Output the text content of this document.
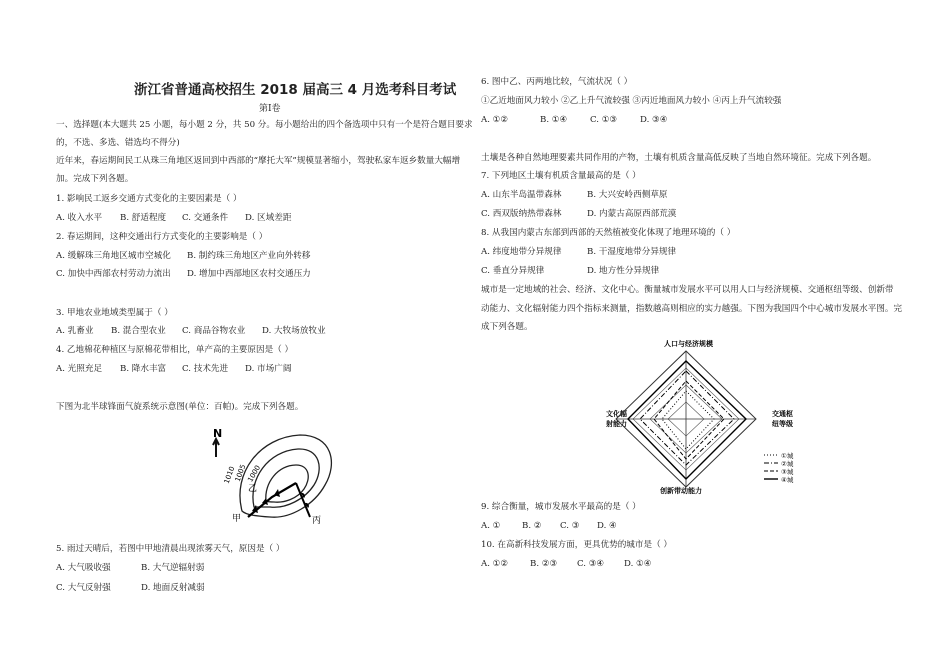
浙江省普通高校招生 2018 届高三 4 月选考科目考试
第Ⅰ卷
一、选择题(本大题共 25 小题，每小题 2 分，共 50 分。每小题给出的四个备选项中只有一个是符合题目要求
的，不选、多选、错选均不得分)
近年来，春运期间民工从珠三角地区返回到中西部的“摩托大军”规模显著缩小，驾驶私家车返乡数量大幅增
加。完成下列各题。
1. 影响民工返乡交通方式变化的主要因素是（ ）
A. 收入水平 B. 舒适程度 C. 交通条件 D. 区域差距
2. 春运期间，这种交通出行方式变化的主要影响是（ ）
A. 缓解珠三角地区城市空城化 B. 制约珠三角地区产业向外转移
C. 加快中西部农村劳动力流出 D. 增加中西部地区农村交通压力
3. 甲地农业地域类型属于（ ）
A. 乳畜业 B. 混合型农业 C. 商品谷物农业 D. 大牧场放牧业
4. 乙地棉花种植区与原棉花带相比，单产高的主要原因是（ ）
A. 光照充足 B. 降水丰富 C. 技术先进 D. 市场广阔
下图为北半球锋面气旋系统示意图(单位：百帕)。完成下列各题。
N
1010
1005
1000
甲
乙
丙
5. 雨过天晴后，若图中甲地清晨出现浓雾天气，原因是（ ）
A. 大气吸收强	B. 大气逆辐射弱
C. 大气反射强	D. 地面反射减弱
6. 图中乙、丙两地比较，气流状况（ ）
①乙近地面风力较小 ②乙上升气流较强 ③丙近地面风力较小 ④丙上升气流较强
A. ①②	B. ①④	C. ①③	D. ③④
土壤是各种自然地理要素共同作用的产物，土壤有机质含量高低反映了当地自然环境征。完成下列各题。
7. 下列地区土壤有机质含量最高的是（ ）
A. 山东半岛温带森林	B. 大兴安岭西侧草原
C. 西双版纳热带森林	D. 内蒙古高原西部荒漠
8. 从我国内蒙古东部到西部的天然植被变化体现了地理环境的（ ）
A. 纬度地带分异规律	B. 干湿度地带分异规律
C. 垂直分异规律	D. 地方性分异规律
城市是一定地域的社会、经济、文化中心。衡量城市发展水平可以用人口与经济规模、交通枢纽等级、创新带
动能力、文化辐射能力四个指标来测量，指数越高则相应的实力越强。下图为我国四个中心城市发展水平图。完
成下列各题。
人口与经济规模
交通枢
纽等级
文化辐
射能力
创新带动能力
①城
②城
③城
④城
9. 综合衡量，城市发展水平最高的是（ ）
A. ①	B. ② C. ③ D. ④
10. 在高新科技发展方面，更具优势的城市是（ ）
A. ①②	B. ②③ C. ③④ D. ①④
